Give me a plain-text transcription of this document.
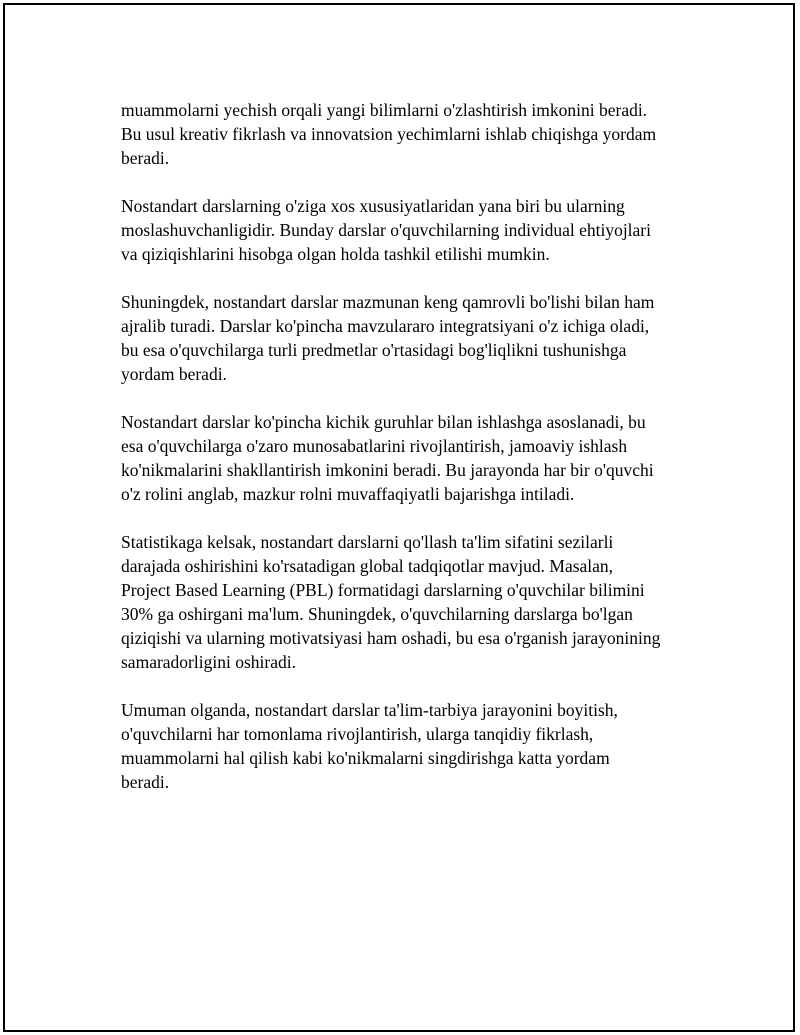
muammolarni yechish orqali yangi bilimlarni o'zlashtirish imkonini beradi.
Bu usul kreativ fikrlash va innovatsion yechimlarni ishlab chiqishga yordam
beradi.

Nostandart darslarning o'ziga xos xususiyatlaridan yana biri bu ularning
moslashuvchanligidir. Bunday darslar o'quvchilarning individual ehtiyojlari
va qiziqishlarini hisobga olgan holda tashkil etilishi mumkin.

Shuningdek, nostandart darslar mazmunan keng qamrovli bo'lishi bilan ham
ajralib turadi. Darslar ko'pincha mavzulararo integratsiyani o'z ichiga oladi,
bu esa o'quvchilarga turli predmetlar o'rtasidagi bog'liqlikni tushunishga
yordam beradi.

Nostandart darslar ko'pincha kichik guruhlar bilan ishlashga asoslanadi, bu
esa o'quvchilarga o'zaro munosabatlarini rivojlantirish, jamoaviy ishlash
ko'nikmalarini shakllantirish imkonini beradi. Bu jarayonda har bir o'quvchi
o'z rolini anglab, mazkur rolni muvaffaqiyatli bajarishga intiladi.

Statistikaga kelsak, nostandart darslarni qo'llash ta'lim sifatini sezilarli
darajada oshirishini ko'rsatadigan global tadqiqotlar mavjud. Masalan,
Project Based Learning (PBL) formatidagi darslarning o'quvchilar bilimini
30% ga oshirgani ma'lum. Shuningdek, o'quvchilarning darslarga bo'lgan
qiziqishi va ularning motivatsiyasi ham oshadi, bu esa o'rganish jarayonining
samaradorligini oshiradi.

Umuman olganda, nostandart darslar ta'lim-tarbiya jarayonini boyitish,
o'quvchilarni har tomonlama rivojlantirish, ularga tanqidiy fikrlash,
muammolarni hal qilish kabi ko'nikmalarni singdirishga katta yordam
beradi.
